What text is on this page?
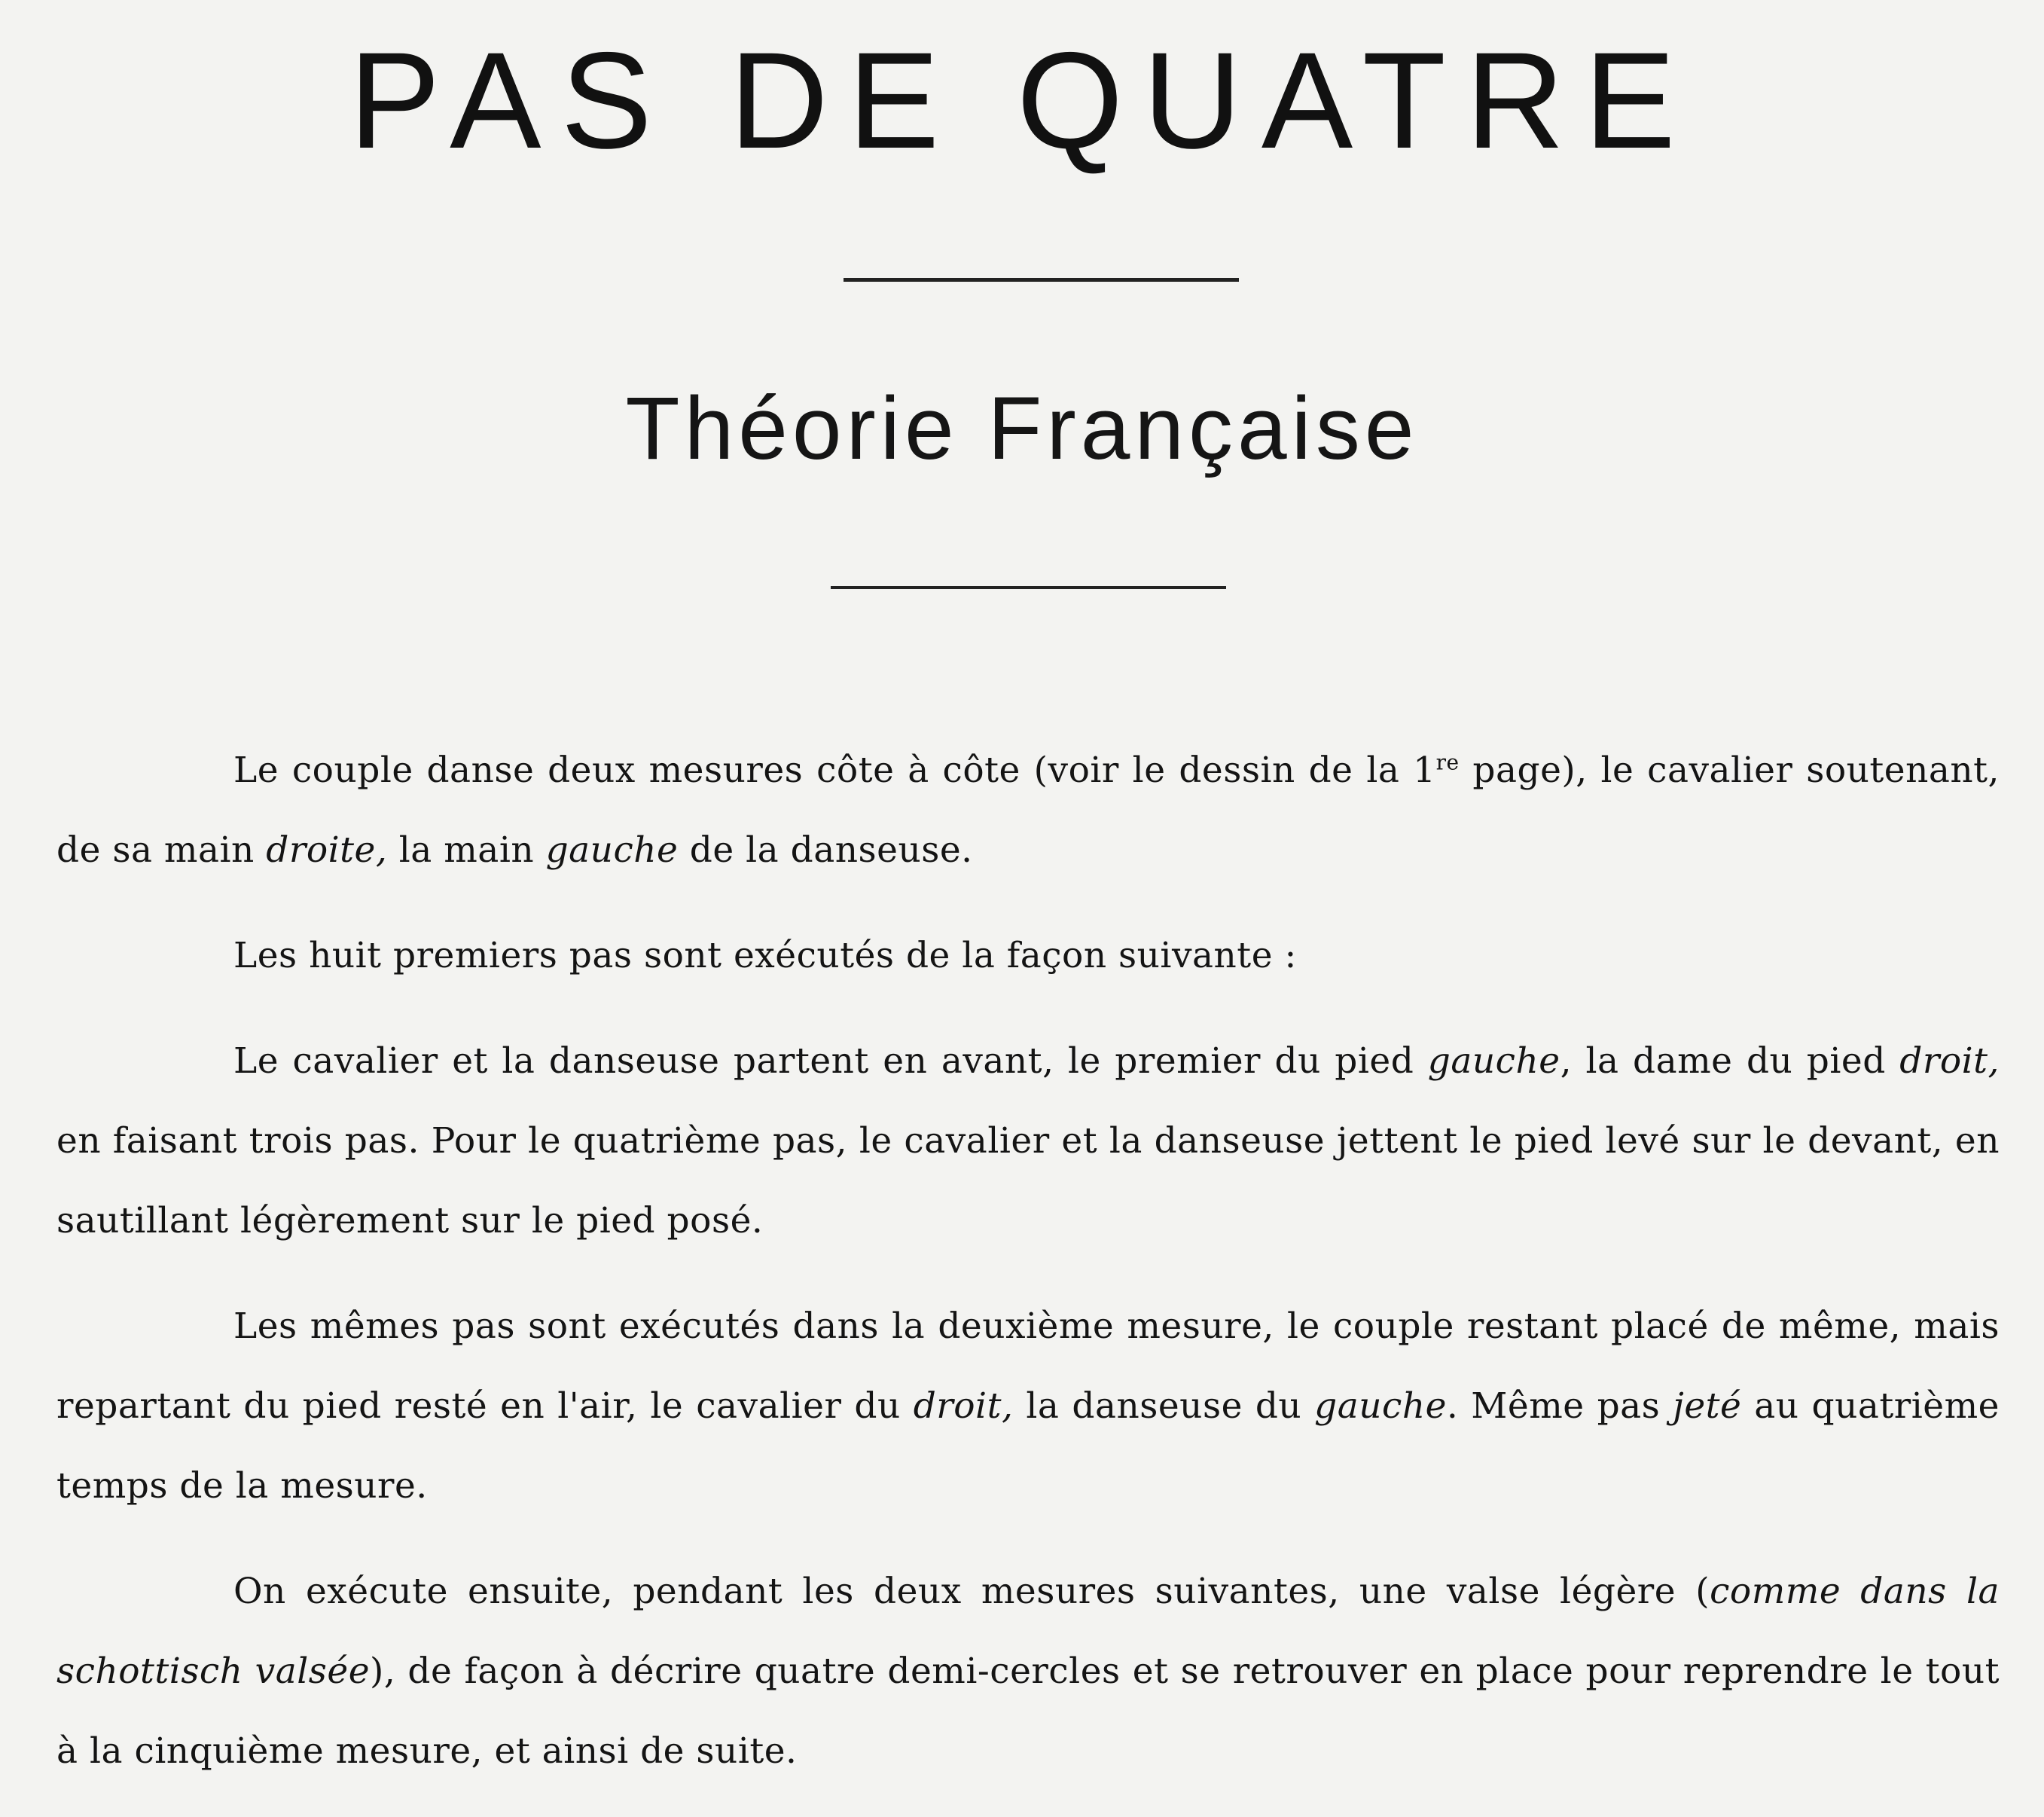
PAS DE QUATRE
Théorie Française

Le couple danse deux mesures côte à côte (voir le dessin de la 1re page), le cavalier soutenant, de sa main droite, la main gauche de la danseuse.

Les huit premiers pas sont exécutés de la façon suivante :

Le cavalier et la danseuse partent en avant, le premier du pied gauche, la dame du pied droit, en faisant trois pas. Pour le quatrième pas, le cavalier et la danseuse jettent le pied levé sur le devant, en sautillant légèrement sur le pied posé.

Les mêmes pas sont exécutés dans la deuxième mesure, le couple restant placé de même, mais repartant du pied resté en l'air, le cavalier du droit, la danseuse du gauche. Même pas jeté au quatrième temps de la mesure.

On exécute ensuite, pendant les deux mesures suivantes, une valse légère (comme dans la schottisch valsée), de façon à décrire quatre demi-cercles et se retrouver en place pour reprendre le tout à la cinquième mesure, et ainsi de suite.
